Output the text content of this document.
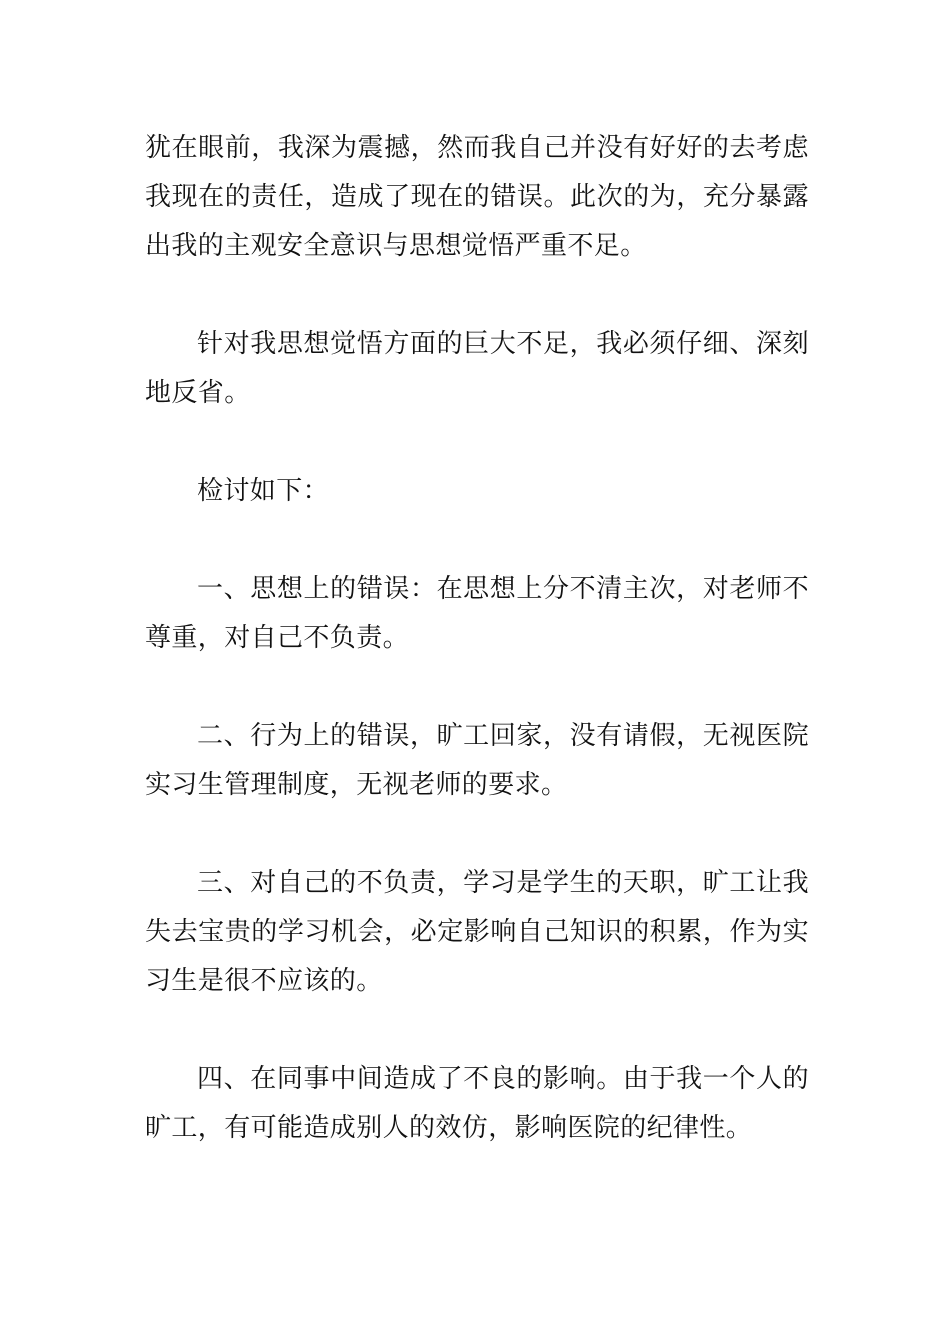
犹在眼前，我深为震撼，然而我自己并没有好好的去考虑我现在的责任，造成了现在的错误。此次的为，充分暴露出我的主观安全意识与思想觉悟严重不足。

针对我思想觉悟方面的巨大不足，我必须仔细、深刻地反省。

检讨如下：

一、思想上的错误：在思想上分不清主次，对老师不尊重，对自己不负责。

二、行为上的错误，旷工回家，没有请假，无视医院实习生管理制度，无视老师的要求。

三、对自己的不负责，学习是学生的天职，旷工让我失去宝贵的学习机会，必定影响自己知识的积累，作为实习生是很不应该的。

四、在同事中间造成了不良的影响。由于我一个人的旷工，有可能造成别人的效仿，影响医院的纪律性。
